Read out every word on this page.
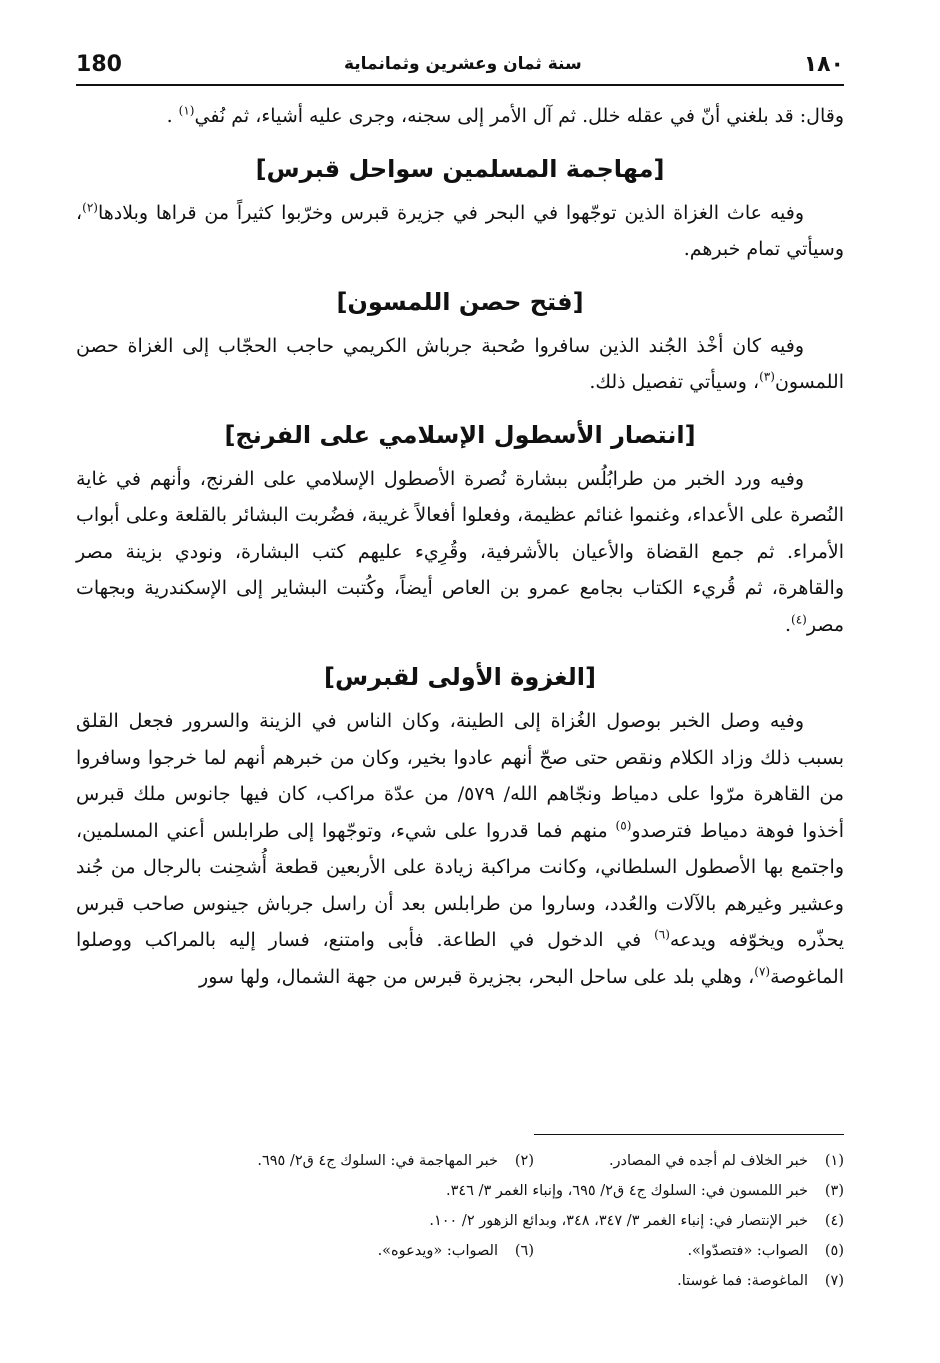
١٨٠
سنة ثمان وعشرين وثمانماية
180

وقال: قد بلغني أنّ في عقله خلل. ثم آل الأمر إلى سجنه، وجرى عليه أشياء، ثم نُفي$^{(١)}$ .

[مهاجمة المسلمين سواحل قبرس]

وفيه عاث الغزاة الذين توجّهوا في البحر في جزيرة قبرس وخرّبوا كثيراً من قراها وبلادها$^{(٢)}$، وسيأتي تمام خبرهم.

[فتح حصن اللمسون]

وفيه كان أخْذ الجُند الذين سافروا صُحبة جرباش الكريمي حاجب الحجّاب إلى الغزاة حصن اللمسون$^{(٣)}$، وسيأتي تفصيل ذلك.

[انتصار الأسطول الإسلامي على الفرنج]

وفيه ورد الخبر من طرابُلُس ببشارة نُصرة الأصطول الإسلامي على الفرنج، وأنهم في غاية النُصرة على الأعداء، وغنموا غنائم عظيمة، وفعلوا أفعالاً غريبة، فضُربت البشائر بالقلعة وعلى أبواب الأمراء. ثم جمع القضاة والأعيان بالأشرفية، وقُرِيء عليهم كتب البشارة، ونودي بزينة مصر والقاهرة، ثم قُريء الكتاب بجامع عمرو بن العاص أيضاً، وكُتبت البشاير إلى الإسكندرية وبجهات مصر$^{(٤)}$.

[الغزوة الأولى لقبرس]

وفيه وصل الخبر بوصول الغُزاة إلى الطينة، وكان الناس في الزينة والسرور فجعل القلق بسبب ذلك وزاد الكلام ونقص حتى صحّ أنهم عادوا بخير، وكان من خبرهم أنهم لما خرجوا وسافروا من القاهرة مرّوا على دمياط ونجّاهم الله/ ٥٧٩/ من عدّة مراكب، كان فيها جانوس ملك قبرس أخذوا فوهة دمياط فترصدو$^{(٥)}$ منهم فما قدروا على شيء، وتوجّهوا إلى طرابلس أعني المسلمين، واجتمع بها الأصطول السلطاني، وكانت مراكبة زيادة على الأربعين قطعة أُشحِنت بالرجال من جُند وعشير وغيرهم بالآلات والعُدد، وساروا من طرابلس بعد أن راسل جرباش جينوس صاحب قبرس يحذّره ويخوّفه ويدعه$^{(٦)}$ في الدخول في الطاعة. فأبى وامتنع، فسار إليه بالمراكب ووصلوا الماغوصة$^{(٧)}$، وهلي بلد على ساحل البحر، بجزيرة قبرس من جهة الشمال، ولها سور

(١)
خبر الخلاف لم أجده في المصادر.
(٢)
خبر المهاجمة في: السلوك ج٤ ق٢/ ٦٩٥.
(٣)
خبر اللمسون في: السلوك ج٤ ق٢/ ٦٩٥، وإنباء الغمر ٣/ ٣٤٦.
(٤)
خبر الإنتصار في: إنباء الغمر ٣/ ٣٤٧، ٣٤٨، وبدائع الزهور ٢/ ١٠٠.
(٥)
الصواب: «فتصدّوا».
(٦)
الصواب: «ويدعوه».
(٧)
الماغوصة: فما غوستا.
